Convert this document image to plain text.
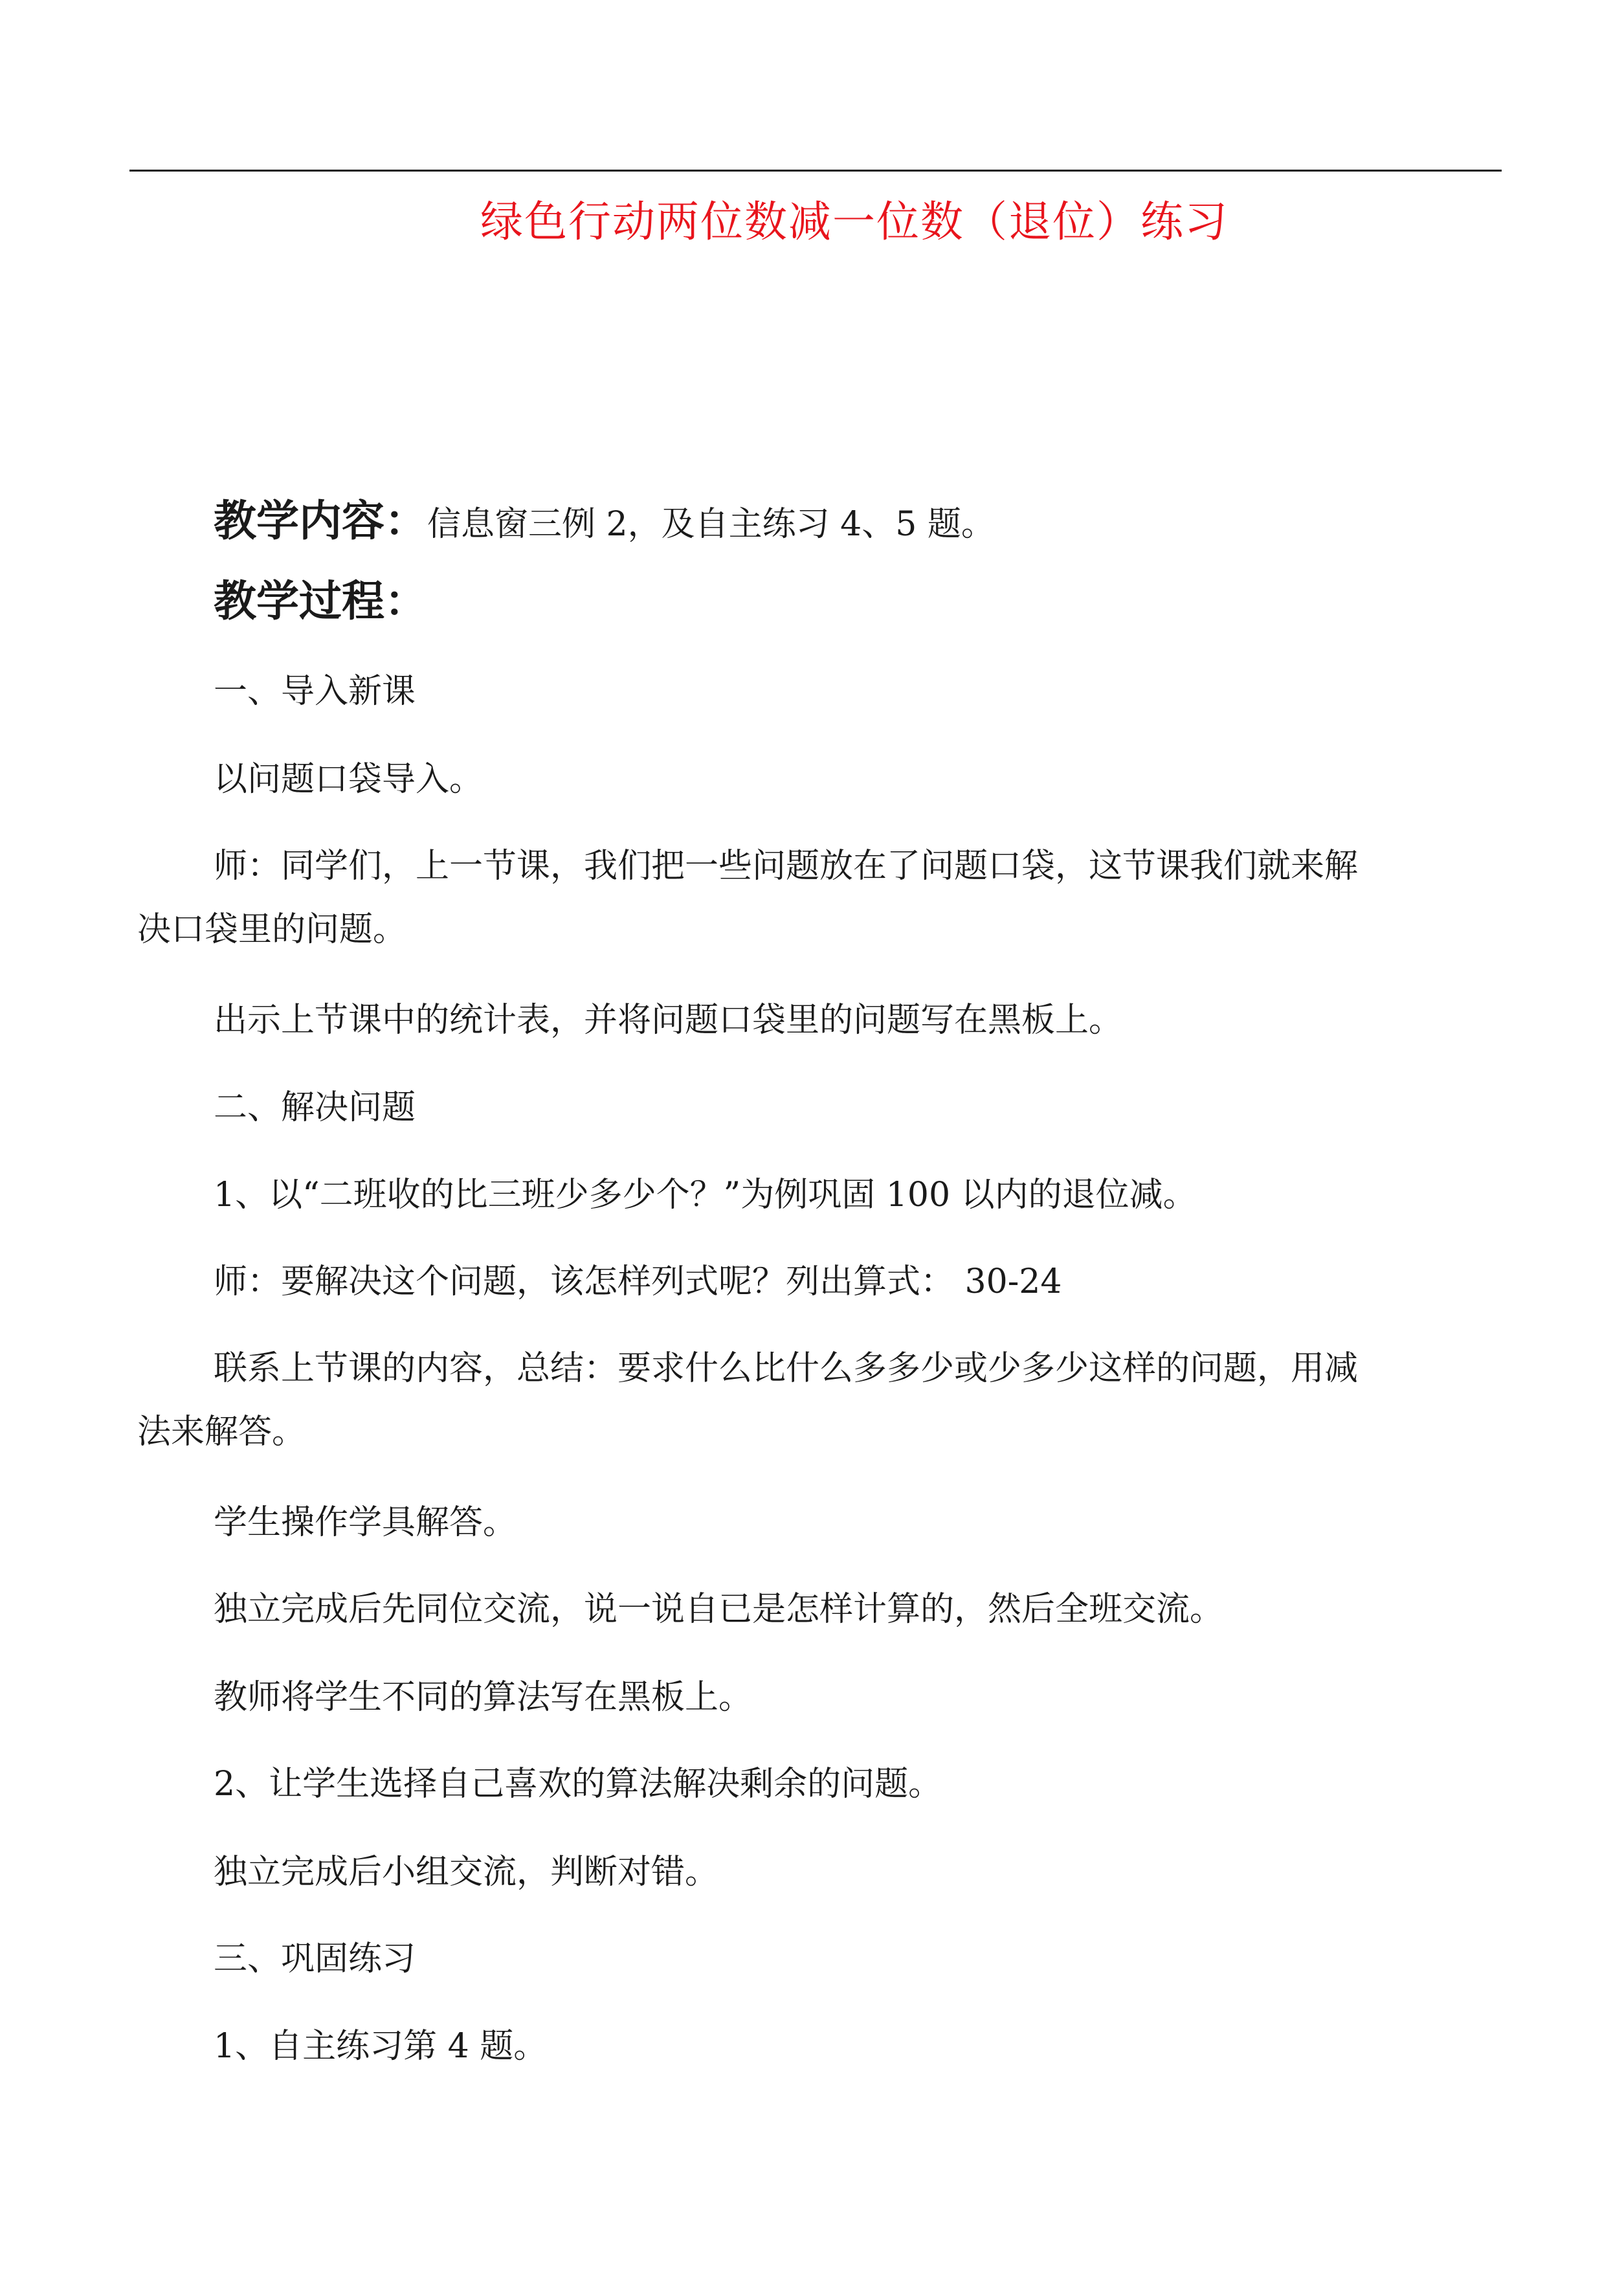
绿色行动两位数减一位数（退位）练习
教学内容：信息窗三例 2，及自主练习 4、5 题。
教学过程：
一、导入新课
以问题口袋导入。
师：同学们，上一节课，我们把一些问题放在了问题口袋，这节课我们就来解
决口袋里的问题。
出示上节课中的统计表，并将问题口袋里的问题写在黑板上。
二、解决问题
1、以“二班收的比三班少多少个？”为例巩固 100 以内的退位减。
师：要解决这个问题，该怎样列式呢？列出算式： 30-24
联系上节课的内容，总结：要求什么比什么多多少或少多少这样的问题，用减
法来解答。
学生操作学具解答。
独立完成后先同位交流，说一说自已是怎样计算的，然后全班交流。
教师将学生不同的算法写在黑板上。
2、让学生选择自己喜欢的算法解决剩余的问题。
独立完成后小组交流，判断对错。
三、巩固练习
1、自主练习第 4 题。
